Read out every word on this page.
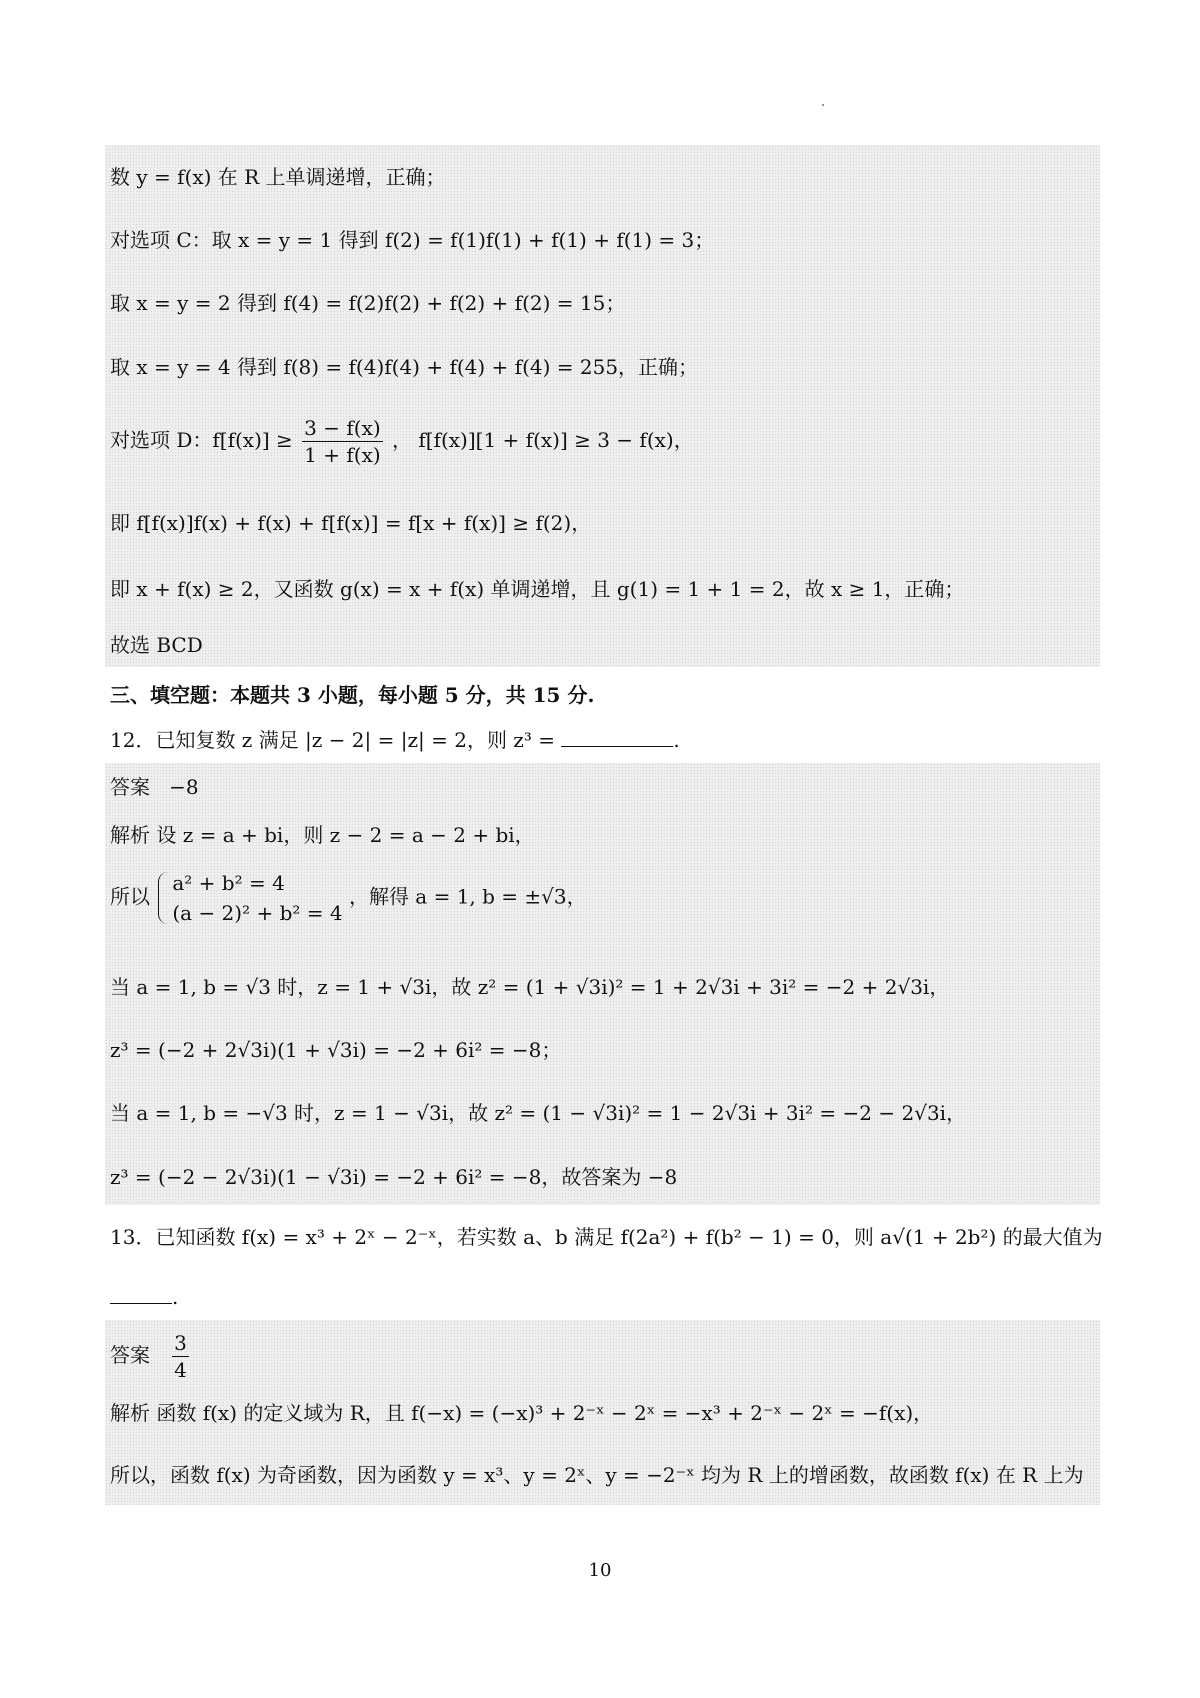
数 y = f(x) 在 R 上单调递增，正确；
对选项 C：取 x = y = 1 得到 f(2) = f(1)f(1) + f(1) + f(1) = 3；
取 x = y = 2 得到 f(4) = f(2)f(2) + f(2) + f(2) = 15；
取 x = y = 4 得到 f(8) = f(4)f(4) + f(4) + f(4) = 255，正确；
对选项 D：$f[f(x)] \ge \frac{3 - f(x)}{1 + f(x)}$ ， f[f(x)][1 + f(x)] ≥ 3 − f(x)，
即 f[f(x)]f(x) + f(x) + f[f(x)] = f[x + f(x)] ≥ f(2)，
即 x + f(x) ≥ 2，又函数 g(x) = x + f(x) 单调递增，且 g(1) = 1 + 1 = 2，故 x ≥ 1，正确；
故选 BCD
三、填空题：本题共 3 小题，每小题 5 分，共 15 分.
12．已知复数 z 满足 |z − 2| = |z| = 2，则 z³ =	.
答案 −8
解析 设 z = a + bi，则 z − 2 = a − 2 + bi，
所以
a² + b² = 4
(a − 2)² + b² = 4
，解得 a = 1, b = ±√3，
当 a = 1, b = √3 时，z = 1 + √3i，故 z² = (1 + √3i)² = 1 + 2√3i + 3i² = −2 + 2√3i，
z³ = (−2 + 2√3i)(1 + √3i) = −2 + 6i² = −8；
当 a = 1, b = −√3 时，z = 1 − √3i，故 z² = (1 − √3i)² = 1 − 2√3i + 3i² = −2 − 2√3i，
z³ = (−2 − 2√3i)(1 − √3i) = −2 + 6i² = −8，故答案为 −8
13．已知函数 f(x) = x³ + 2ˣ − 2⁻ˣ，若实数 a、b 满足 f(2a²) + f(b² − 1) = 0，则 a√(1 + 2b²) 的最大值为
.
答案 $\frac{3}{4}$
解析 函数 f(x) 的定义域为 R，且 f(−x) = (−x)³ + 2⁻ˣ − 2ˣ = −x³ + 2⁻ˣ − 2ˣ = −f(x)，
所以，函数 f(x) 为奇函数，因为函数 y = x³、y = 2ˣ、y = −2⁻ˣ 均为 R 上的增函数，故函数 f(x) 在 R 上为
10
